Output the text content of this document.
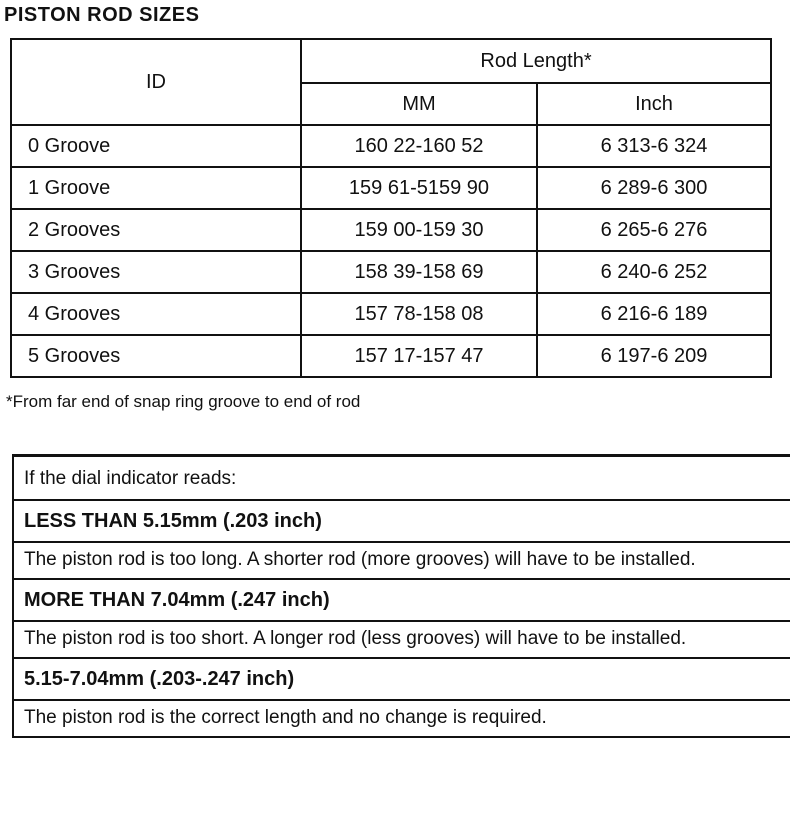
PISTON ROD SIZES
ID	Rod Length*	
	MM	Inch
0 Groove	160 22-160 52	6 313-6 324
1 Groove	159 61-5159 90	6 289-6 300
2 Grooves	159 00-159 30	6 265-6 276
3 Grooves	158 39-158 69	6 240-6 252
4 Grooves	157 78-158 08	6 216-6 189
5 Grooves	157 17-157 47	6 197-6 209
*From far end of snap ring groove to end of rod
If the dial indicator reads:
LESS THAN 5.15mm (.203 inch)
The piston rod is too long. A shorter rod (more grooves) will have to be installed.
MORE THAN 7.04mm (.247 inch)
The piston rod is too short. A longer rod (less grooves) will have to be installed.
5.15-7.04mm (.203-.247 inch)
The piston rod is the correct length and no change is required.
